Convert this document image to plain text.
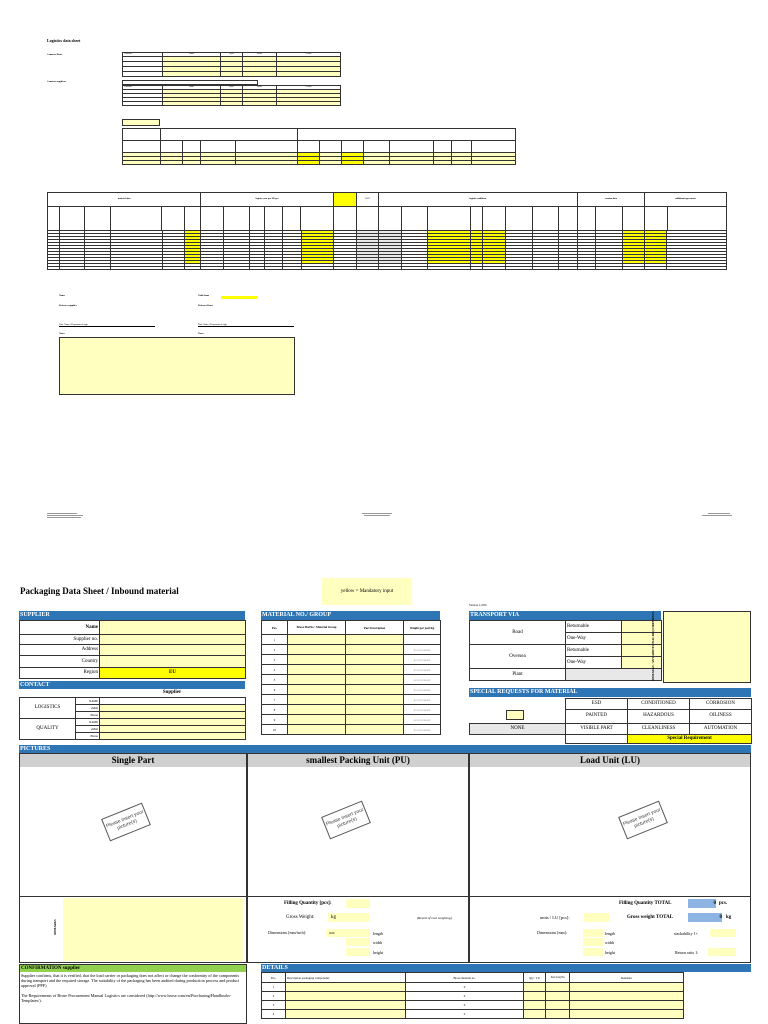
Logistics data sheet
Contacts Brose
Contacts suppliers
Function	Name	Dept.	Phone	E-mail

Function	Name	Dept.	Phone	E-mail

material data						logistic costs per 100 pcs.							EUR	logistic conditions								customs data			additional agreements	

Name
Releaser supplier
Date Name (Department) sign
Notes
Valid from
Releaser Brose
Date Name (Department) sign
Notes
Packaging Data Sheet / Inbound material	yellow = Mandatory input
Version 1.0/00
SUPPLIER
Name	
Supplier no.	
Address	
Country	
Region	EU
CONTACT
Supplier
LOGISTICS	NAME	
	eMail	
	Phone	
QUALITY	NAME	
	eMail	
	Phone	
MATERIAL NO./ GROUP
Pos.	Brose MatNo / Material Group	Part Description	Weight per part/kg
1			
2			not processed
3			not processed
4			not processed
5			not processed
6			not processed
7			not processed
8			not processed
9			not processed
10			not processed
TRANSPORT VIA
Road	Returnable	
	One-Way	
Oversea	Returnable	
	One-Way	
Plant			REMARKS / ANY ADDITIONAL REQUIREMENTS
SPECIAL REQUESTS FOR MATERIAL
	ESD	CONDITIONED	CORROSION
	PAINTED	HAZARDOUS	OILINESS
NONE	VISIBLE PART	CLEANLINESS	AUTOMATION
		Special Requirement	
PICTURES
Single Part	smallest Packing Unit (PU)	Load Unit (LU)
Please insert your picture(s)	Please insert your picture(s)	Please insert your picture(s)
REMARKS
Filling Quantity [pcs]:
Gross Weight:	kg	(Result of real weighing)
Dimensions [mm/inch]:	mm	length
width
height
Filling Quantity TOTAL	0 pcs.
units / LU [pcs]:	Gross weight TOTAL	0 kg
Dimensions [mm]:	length
width
height
stackability 1+
Return ratio 1:
CONFIRMATION supplier
Supplier confirms, that it is verified, that the load carrier or packaging does not affect or change the conformity of the components during transport and the required storage. The suitability of the packaging has been audited during production process and product approval (PPF)
The Requirements of Brose Procurement Manual Logistics are considered (http://www.brose.com/en/Purchasing/Handbooks-Templates/).
DETAILS
Pos.	Description packaging components	Brose material no.	Qty / LU	Tare in kg/lbs	Remarks	
1		0				
2		0				
3		0				
4		0				
